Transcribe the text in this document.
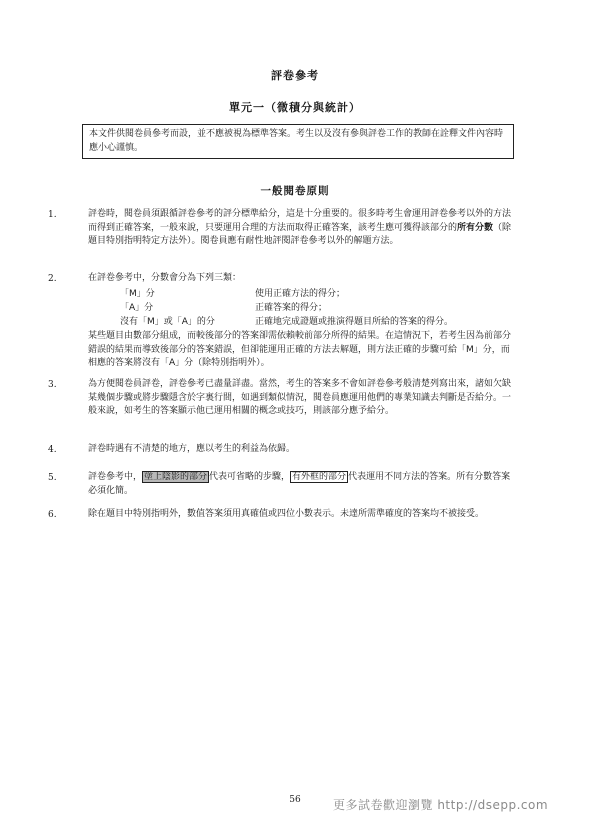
評卷參考
單元一（微積分與統計）
本文件供閱卷員參考而設，並不應被視為標準答案。考生以及沒有參與評卷工作的教師在詮釋文件內容時應小心謹慎。
一般閱卷原則
1.	評卷時，閱卷員須跟循評卷參考的評分標準給分，這是十分重要的。很多時考生會運用評卷參考以外的方法而得到正確答案，一般來說，只要運用合理的方法而取得正確答案，該考生應可獲得該部分的所有分數（除題目特別指明特定方法外）。閱卷員應有耐性地評閱評卷參考以外的解題方法。
2.	在評卷參考中，分數會分為下列三類：
「M」分	使用正確方法的得分；
「A」分	正確答案的得分；
沒有「M」或「A」的分	正確地完成證題或推演得題目所給的答案的得分。
某些題目由數部分組成，而較後部分的答案卻需依賴較前部分所得的結果。在這情況下，若考生因為前部分錯誤的結果而導致後部分的答案錯誤，但卻能運用正確的方法去解題，則方法正確的步驟可給「M」分，而相應的答案將沒有「A」分（除特別指明外）。
3.	為方便閱卷員評卷，評卷參考已盡量詳盡。當然，考生的答案多不會如評卷參考般清楚列寫出來，諸如欠缺某幾個步驟或將步驟隱含於字裏行間，如遇到類似情況，閱卷員應運用他們的專業知識去判斷是否給分。一般來說，如考生的答案顯示他已運用相關的概念或技巧，則該部分應予給分。
4.	評卷時遇有不清楚的地方，應以考生的利益為依歸。
5.	評卷參考中， 塗上陰影的部分 代表可省略的步驟， 有外框的部分 代表運用不同方法的答案。所有分數答案必須化簡。
6.	除在題目中特別指明外，數值答案須用真確值或四位小數表示。未達所需準確度的答案均不被接受。
56	更多試卷歡迎瀏覽 http://dsepp.com
